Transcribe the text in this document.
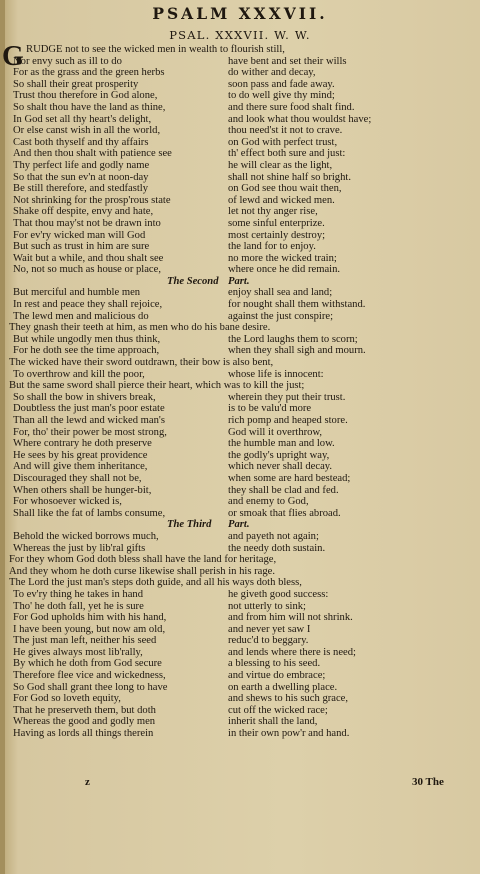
PSALM XXXVII.
PSAL. XXXVII. W. W.
G RUDGE not to see the wicked men in wealth to flourish still,
Nor envy such as ill to do	have bent and set their wills
For as the grass and the green herbs	do wither and decay,
So shall their great prosperity	soon pass and fade away.
Trust thou therefore in God alone,	to do well give thy mind;
So shalt thou have the land as thine,	and there sure food shalt find.
In God set all thy heart's delight,	and look what thou wouldst have;
Or else canst wish in all the world,	thou need'st it not to crave.
Cast both thyself and thy affairs	on God with perfect trust,
And then thou shalt with patience see	th' effect both sure and just:
Thy perfect life and godly name	he will clear as the light,
So that the sun ev'n at noon-day	shall not shine half so bright.
Be still therefore, and stedfastly	on God see thou wait then,
Not shrinking for the prosp'rous state	of lewd and wicked men.
Shake off despite, envy and hate,	let not thy anger rise,
That thou may'st not be drawn into	some sinful enterprize.
For ev'ry wicked man will God	most certainly destroy;
But such as trust in him are sure	the land for to enjoy.
Wait but a while, and thou shalt see	no more the wicked train;
No, not so much as house or place,	where once he did remain.
The Second Part.
But merciful and humble men	enjoy shall sea and land;
In rest and peace they shall rejoice,	for nought shall them withstand.
The lewd men and malicious do	against the just conspire;
They gnash their teeth at him, as men who do his bane desire.
But while ungodly men thus think,	the Lord laughs them to scorn;
For he doth see the time approach,	when they shall sigh and mourn.
The wicked have their sword outdrawn, their bow is also bent,
To overthrow and kill the poor,	whose life is innocent:
But the same sword shall pierce their heart, which was to kill the just;
So shall the bow in shivers break,	wherein they put their trust.
Doubtless the just man's poor estate	is to be valu'd more
Than all the lewd and wicked man's	rich pomp and heaped store.
For, tho' their power be most strong,	God will it overthrow,
Where contrary he doth preserve	the humble man and low.
He sees by his great providence	the godly's upright way,
And will give them inheritance,	which never shall decay.
Discouraged they shall not be,	when some are hard bestead;
When others shall be hunger-bit,	they shall be clad and fed.
For whosoever wicked is,	and enemy to God,
Shall like the fat of lambs consume,	or smoak that flies abroad.
The Third Part.
Behold the wicked borrows much,	and payeth not again;
Whereas the just by lib'ral gifts	the needy doth sustain.
For they whom God doth bless shall have the land for heritage,
And they whom he doth curse likewise shall perish in his rage.
The Lord the just man's steps doth guide, and all his ways doth bless,
To ev'ry thing he takes in hand	he giveth good success:
Tho' he doth fall, yet he is sure	not utterly to sink;
For God upholds him with his hand,	and from him will not shrink.
I have been young, but now am old,	and never yet saw I
The just man left, neither his seed	reduc'd to beggary.
He gives always most lib'rally,	and lends where there is need;
By which he doth from God secure	a blessing to his seed.
Therefore flee vice and wickedness,	and virtue do embrace;
So God shall grant thee long to have	on earth a dwelling place.
For God so loveth equity,	and shews to his such grace,
That he preserveth them, but doth	cut off the wicked race;
Whereas the good and godly men	inherit shall the land,
Having as lords all things therein	in their own pow'r and hand.
z	30 The
